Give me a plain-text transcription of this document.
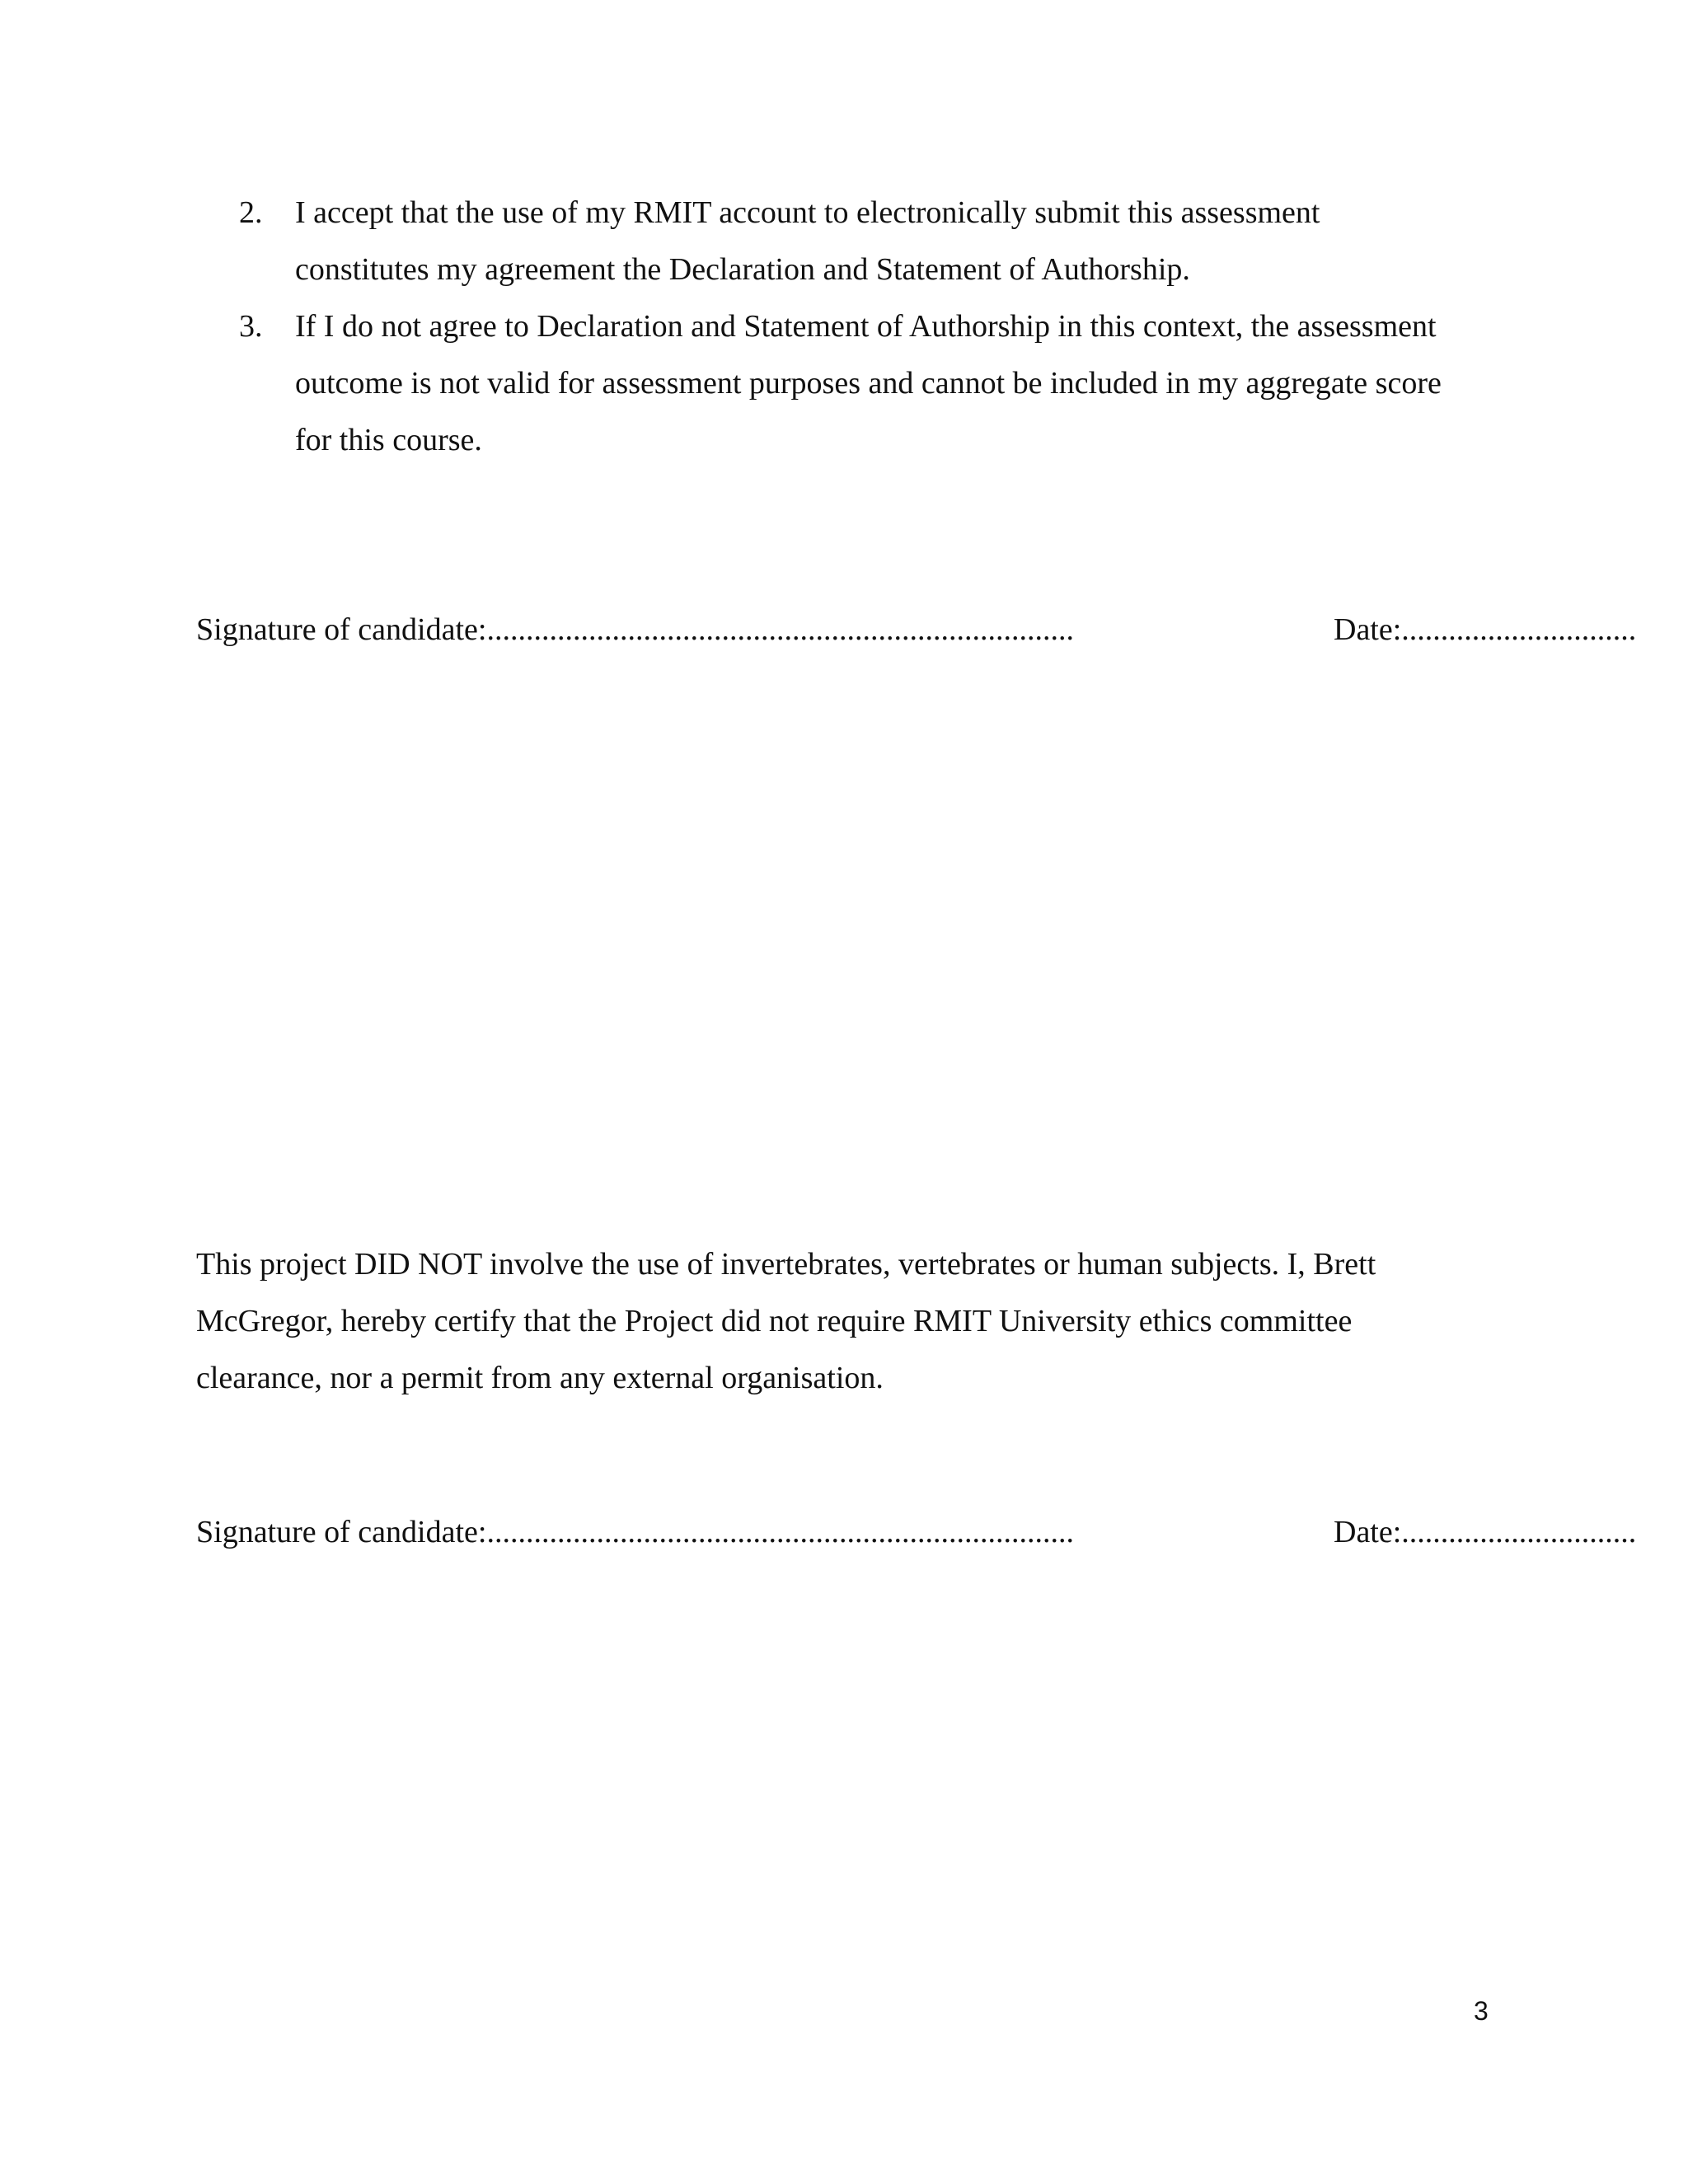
2. I accept that the use of my RMIT account to electronically submit this assessment constitutes my agreement the Declaration and Statement of Authorship.
3. If I do not agree to Declaration and Statement of Authorship in this context, the assessment outcome is not valid for assessment purposes and cannot be included in my aggregate score for this course.
Signature of candidate:...........................................................................	Date:..............................

This project DID NOT involve the use of invertebrates, vertebrates or human subjects. I, Brett McGregor, hereby certify that the Project did not require RMIT University ethics committee clearance, nor a permit from any external organisation.

Signature of candidate:...........................................................................	Date:..............................
3
